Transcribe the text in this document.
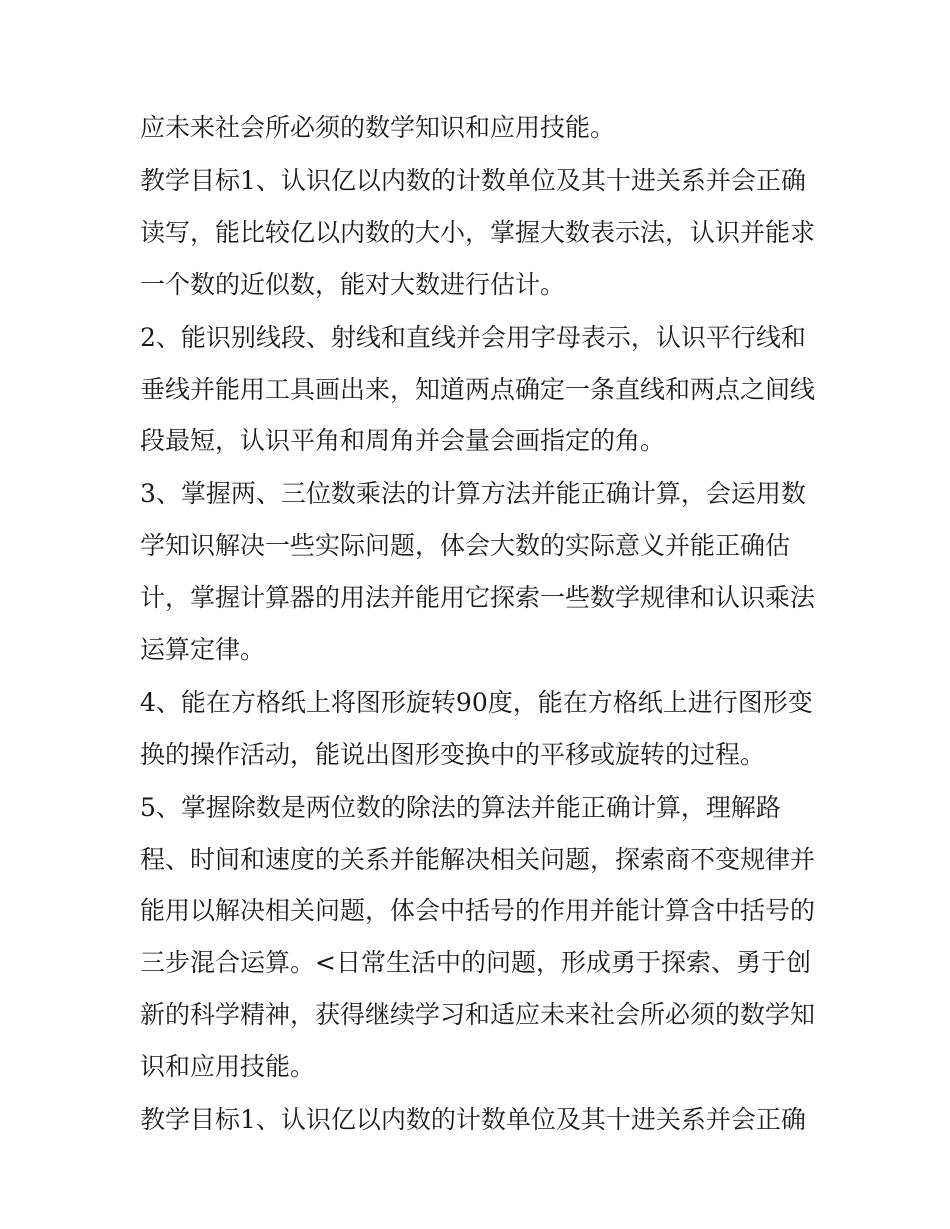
应未来社会所必须的数学知识和应用技能。

教学目标1、认识亿以内数的计数单位及其十进关系并会正确读写，能比较亿以内数的大小，掌握大数表示法，认识并能求一个数的近似数，能对大数进行估计。

2、能识别线段、射线和直线并会用字母表示，认识平行线和垂线并能用工具画出来，知道两点确定一条直线和两点之间线段最短，认识平角和周角并会量会画指定的角。

3、掌握两、三位数乘法的计算方法并能正确计算，会运用数学知识解决一些实际问题，体会大数的实际意义并能正确估计，掌握计算器的用法并能用它探索一些数学规律和认识乘法运算定律。

4、能在方格纸上将图形旋转90度，能在方格纸上进行图形变换的操作活动，能说出图形变换中的平移或旋转的过程。

5、掌握除数是两位数的除法的算法并能正确计算，理解路程、时间和速度的关系并能解决相关问题，探索商不变规律并能用以解决相关问题，体会中括号的作用并能计算含中括号的三步混合运算。<日常生活中的问题，形成勇于探索、勇于创新的科学精神，获得继续学习和适应未来社会所必须的数学知识和应用技能。

教学目标1、认识亿以内数的计数单位及其十进关系并会正确
